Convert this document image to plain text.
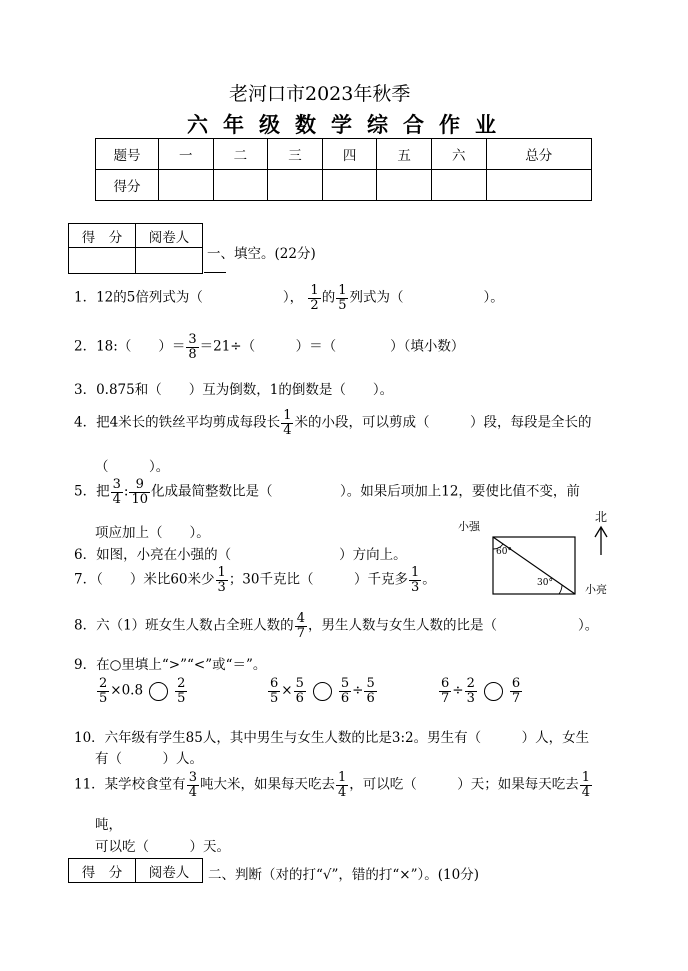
老河口市2023年秋季
六年级数学综合作业
题号	一	二	三	四	五	六	总分
得分							
得　分	阅卷人

一、填空。(22分)
1．12的5倍列式为（	）， $\frac{1}{2}$ 的 $\frac{1}{5}$ 列式为（	）。
2．18:（　　）＝ $\frac{3}{8} =21\div$（　　　）＝（　　　　）（填小数）
3．0.875和（　　）互为倒数，1的倒数是（　　）。
4．把4米长的铁丝平均剪成每段长 $\frac{1}{4}$ 米的小段，可以剪成（　　　）段，每段是全长的
（　　　）。
5．把 $\frac{3}{4}$ : $\frac{9}{10}$ 化成最简整数比是（　　　　　）。如果后项加上12，要使比值不变，前
项应加上（　　）。
6．如图，小亮在小强的（　　　　　　　　）方向上。
7．（　　）米比60米少 $\frac{1}{3}$ ；30千克比（　　　）千克多 $\frac{1}{3}$ 。
小强
小亮
北
60°
30°
8．六（1）班女生人数占全班人数的 $\frac{4}{7}$ ，男生人数与女生人数的比是（　　　　　　）。
9．在○里填上“>”“<”或“＝”。
$\frac{2}{5} \times 0.8 \frac{2}{5}$	$\frac{6}{5} \times \frac{5}{6}$	$\frac{5}{6} \div \frac{5}{6}$	$\frac{6}{7} \div \frac{2}{3}$	$\frac{6}{7}$
10．六年级有学生85人，其中男生与女生人数的比是3:2。男生有（　　　）人，女生
有（　　　）人。
11．某学校食堂有 $\frac{3}{4}$ 吨大米，如果每天吃去 $\frac{1}{4}$ ，可以吃（　　　）天；如果每天吃去 $\frac{1}{4}$
吨，
可以吃（　　　）天。
得　分	阅卷人 二、判断（对的打“√”，错的打“×”）。(10分)
